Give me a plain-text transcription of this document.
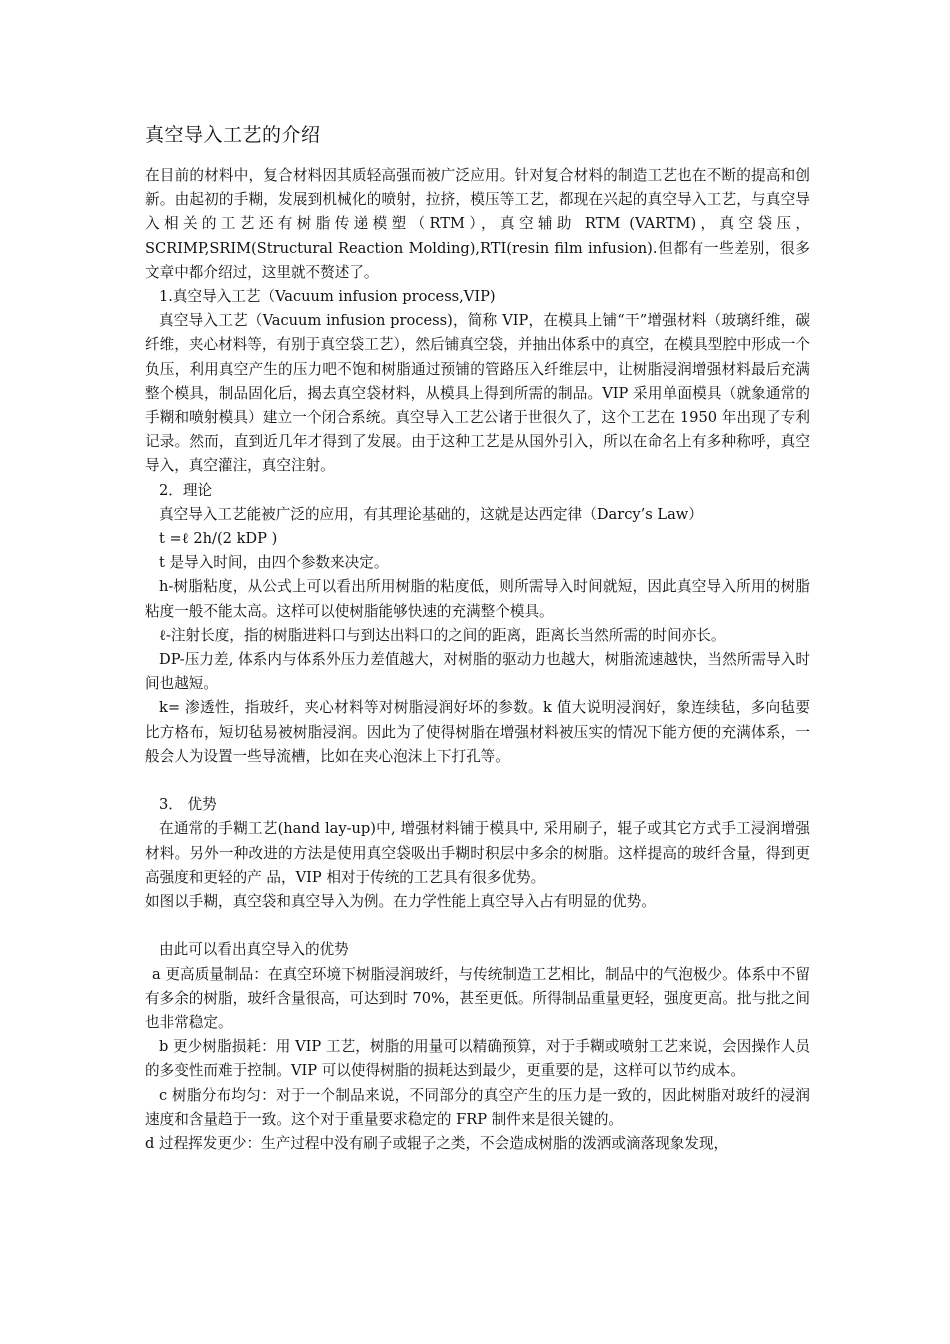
真空导入工艺的介绍

在目前的材料中，复合材料因其质轻高强而被广泛应用。针对复合材料的制造工艺也在不断的提高和创新。由起初的手糊，发展到机械化的喷射，拉挤，模压等工艺，都现在兴起的真空导入工艺，与真空导入相关的工艺还有树脂传递模塑（RTM），真空辅助 RTM (VARTM)，真空袋压，SCRIMP,SRIM(Structural Reaction Molding),RTI(resin film infusion).但都有一些差别，很多文章中都介绍过，这里就不赘述了。

1.真空导入工艺（Vacuum infusion process,VIP)

真空导入工艺（Vacuum infusion process)，简称 VIP，在模具上铺“干”增强材料（玻璃纤维，碳纤维，夹心材料等，有别于真空袋工艺），然后铺真空袋，并抽出体系中的真空，在模具型腔中形成一个负压，利用真空产生的压力吧不饱和树脂通过预铺的管路压入纤维层中，让树脂浸润增强材料最后充满整个模具，制品固化后，揭去真空袋材料，从模具上得到所需的制品。VIP 采用单面模具（就象通常的手糊和喷射模具）建立一个闭合系统。真空导入工艺公诸于世很久了，这个工艺在 1950 年出现了专利记录。然而，直到近几年才得到了发展。由于这种工艺是从国外引入，所以在命名上有多种称呼，真空导入，真空灌注，真空注射。

2．理论

真空导入工艺能被广泛的应用，有其理论基础的，这就是达西定律（Darcy’s Law）

t =ℓ 2h/(2 kDP )

t 是导入时间，由四个参数来决定。

h-树脂粘度，从公式上可以看出所用树脂的粘度低，则所需导入时间就短，因此真空导入所用的树脂粘度一般不能太高。这样可以使树脂能够快速的充满整个模具。

ℓ-注射长度，指的树脂进料口与到达出料口的之间的距离，距离长当然所需的时间亦长。

DP-压力差, 体系内与体系外压力差值越大，对树脂的驱动力也越大，树脂流速越快，当然所需导入时间也越短。

k= 渗透性，指玻纤，夹心材料等对树脂浸润好坏的参数。k 值大说明浸润好，象连续毡，多向毡要比方格布，短切毡易被树脂浸润。因此为了使得树脂在增强材料被压实的情况下能方便的充满体系，一般会人为设置一些导流槽，比如在夹心泡沫上下打孔等。

3． 优势

在通常的手糊工艺(hand lay-up)中, 增强材料铺于模具中, 采用刷子，辊子或其它方式手工浸润增强材料。另外一种改进的方法是使用真空袋吸出手糊时积层中多余的树脂。这样提高的玻纤含量，得到更高强度和更轻的产 品，VIP 相对于传统的工艺具有很多优势。

如图以手糊，真空袋和真空导入为例。在力学性能上真空导入占有明显的优势。

由此可以看出真空导入的优势

a 更高质量制品：在真空环境下树脂浸润玻纤，与传统制造工艺相比，制品中的气泡极少。体系中不留有多余的树脂，玻纤含量很高，可达到时 70%，甚至更低。所得制品重量更轻，强度更高。批与批之间也非常稳定。

b 更少树脂损耗：用 VIP 工艺，树脂的用量可以精确预算，对于手糊或喷射工艺来说，会因操作人员的多变性而难于控制。VIP 可以使得树脂的损耗达到最少，更重要的是，这样可以节约成本。

c 树脂分布均匀：对于一个制品来说，不同部分的真空产生的压力是一致的，因此树脂对玻纤的浸润速度和含量趋于一致。这个对于重量要求稳定的 FRP 制件来是很关键的。

d 过程挥发更少：生产过程中没有刷子或辊子之类，不会造成树脂的泼洒或滴落现象发现，
